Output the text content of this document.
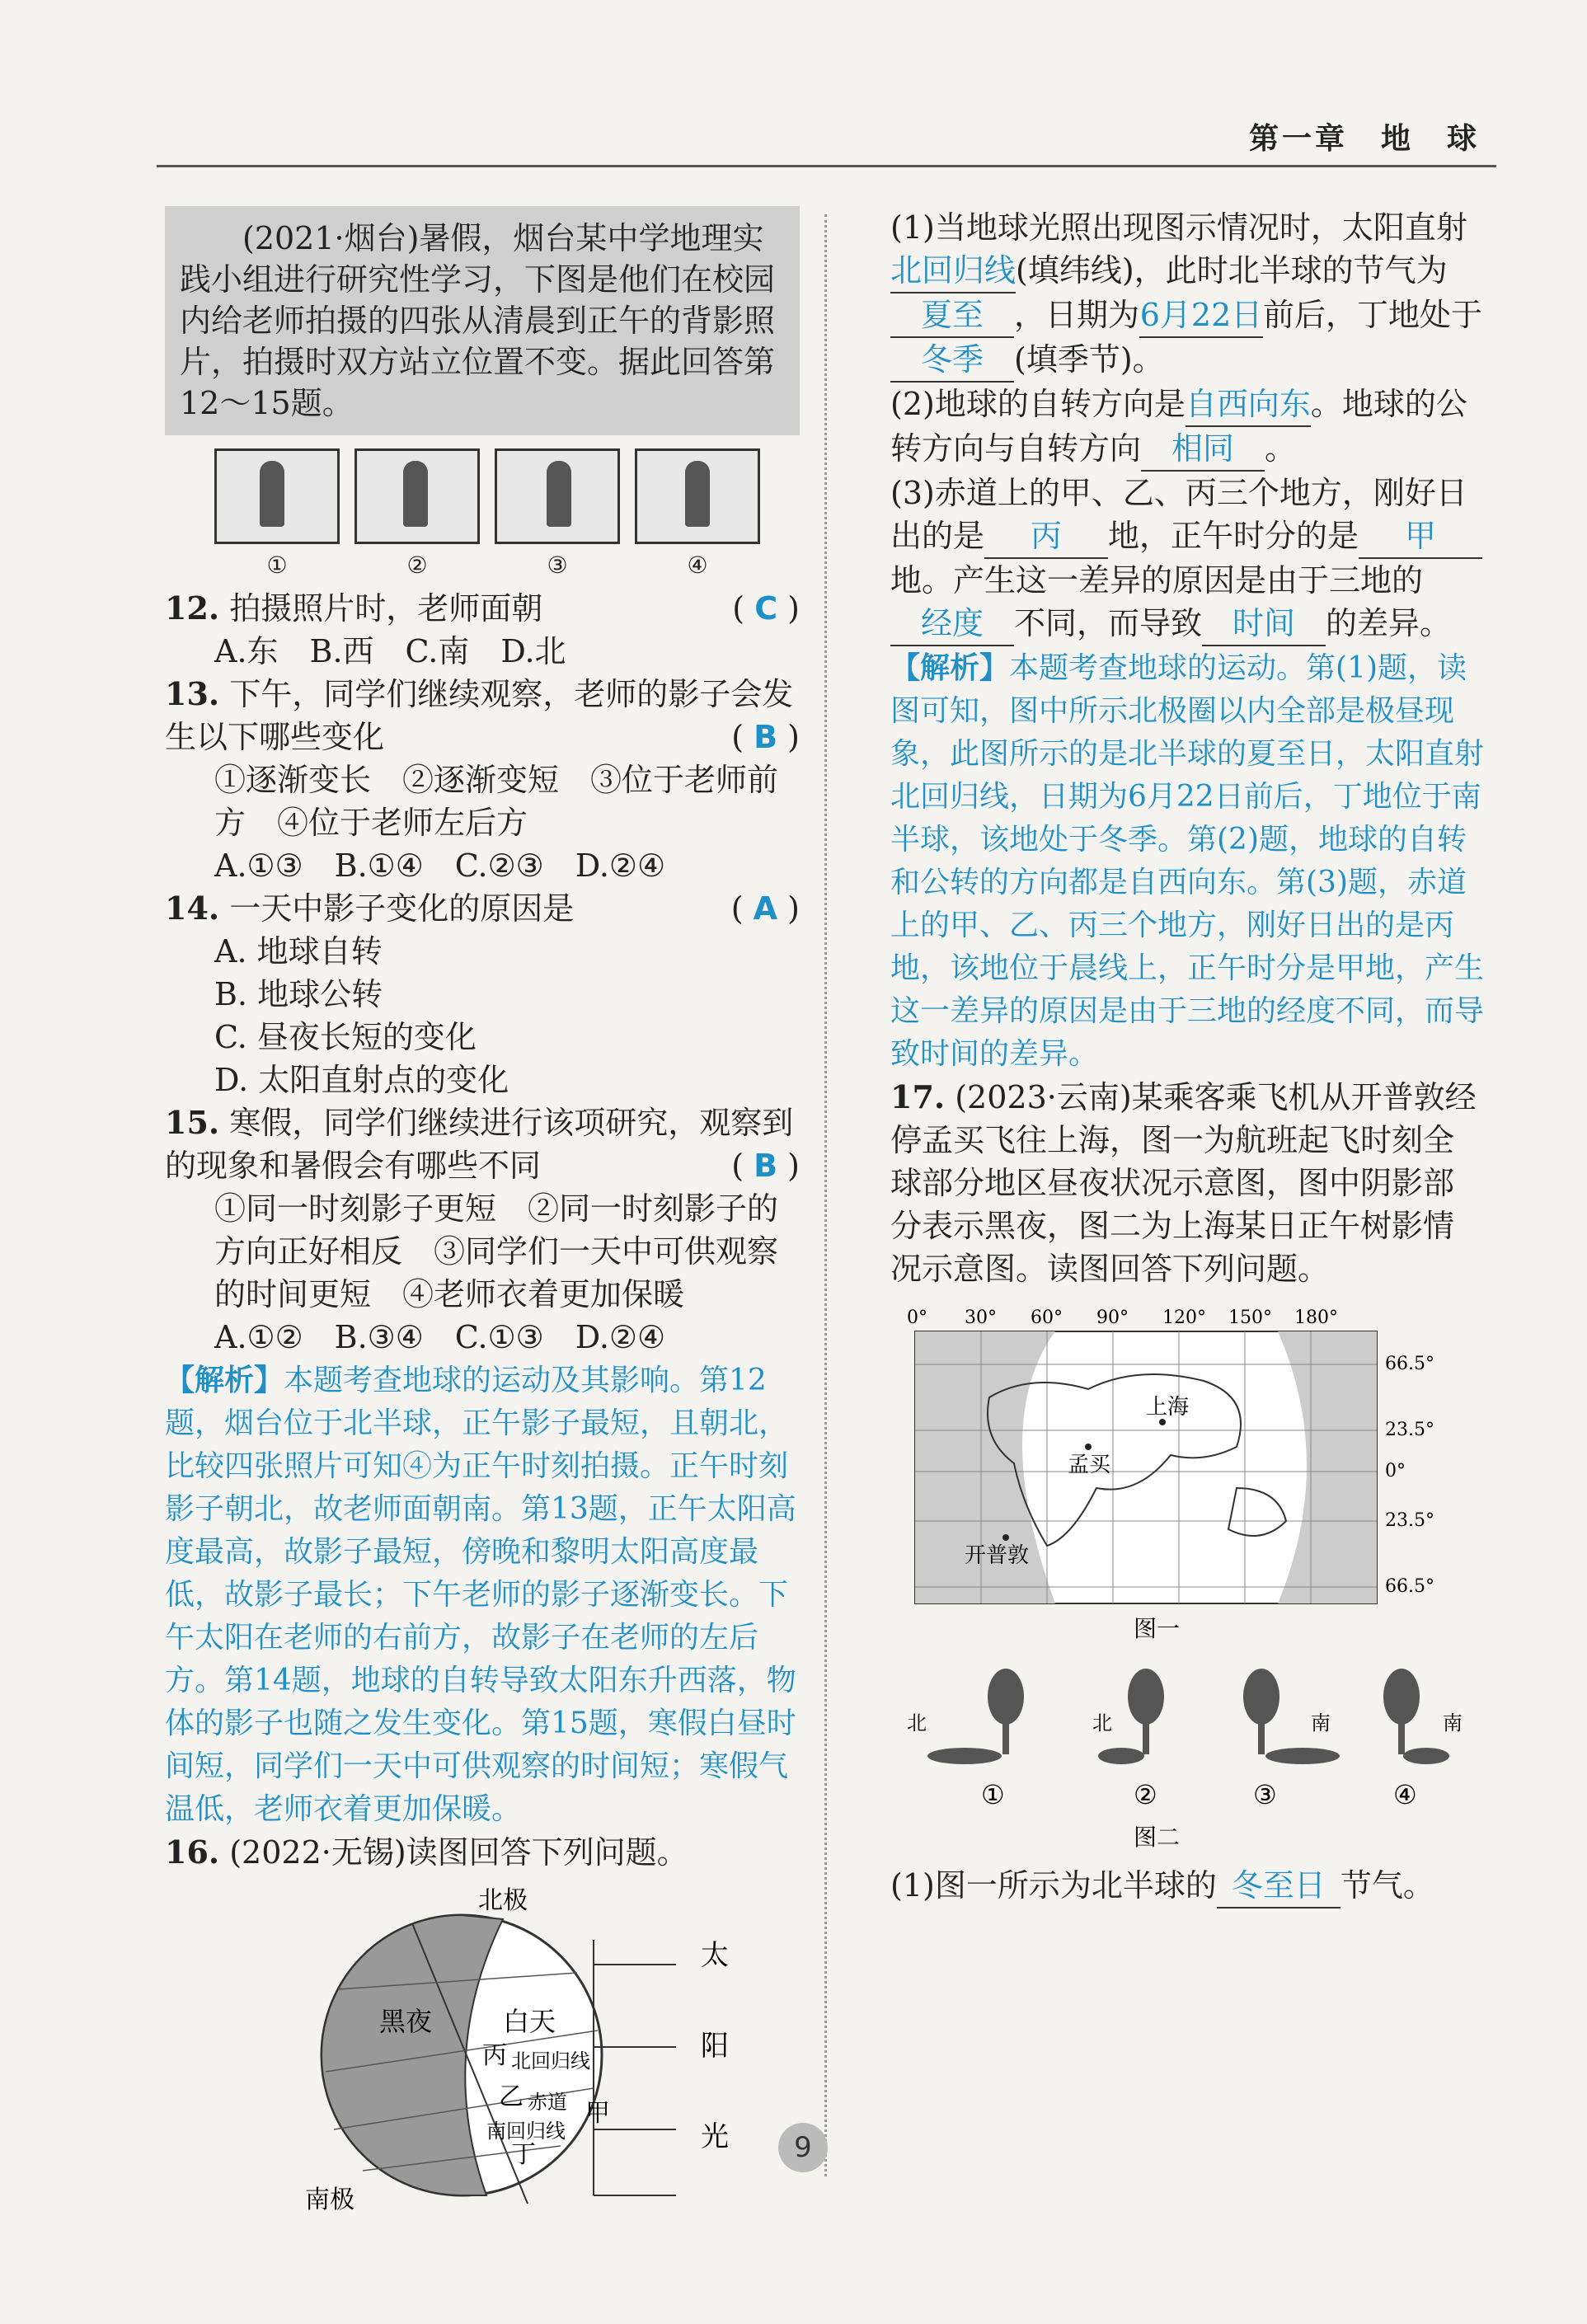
第一章　地　球
(2021·烟台)暑假，烟台某中学地理实践小组进行研究性学习，下图是他们在校园内给老师拍摄的四张从清晨到正午的背影照片，拍摄时双方站立位置不变。据此回答第12～15题。
①	②	③	④
( C )
12. 拍摄照片时，老师面朝
A.东　B.西　C.南　D.北
13. 下午，同学们继续观察，老师的影子会发生以下哪些变化	( B )
①逐渐变长　②逐渐变短　③位于老师前方　④位于老师左后方
A.①③　B.①④　C.②③　D.②④
( A )
14. 一天中影子变化的原因是
A. 地球自转
B. 地球公转
C. 昼夜长短的变化
D. 太阳直射点的变化
15. 寒假，同学们继续进行该项研究，观察到的现象和暑假会有哪些不同	( B )
①同一时刻影子更短　②同一时刻影子的方向正好相反　③同学们一天中可供观察的时间更短　④老师衣着更加保暖
A.①②　B.③④　C.①③　D.②④
【解析】本题考查地球的运动及其影响。第12题，烟台位于北半球，正午影子最短，且朝北，比较四张照片可知④为正午时刻拍摄。正午时刻影子朝北，故老师面朝南。第13题，正午太阳高度最高，故影子最短，傍晚和黎明太阳高度最低，故影子最长；下午老师的影子逐渐变长。下午太阳在老师的右前方，故影子在老师的左后方。第14题，地球的自转导致太阳东升西落，物体的影子也随之发生变化。第15题，寒假白昼时间短，同学们一天中可供观察的时间短；寒假气温低，老师衣着更加保暖。
16. (2022·无锡)读图回答下列问题。
北极
南极
黑夜	白天
北回归线
赤道
南回归线
甲
乙
丙
丁
太
阳
光
(1)当地球光照出现图示情况时，太阳直射北回归线(填纬线)，此时北半球的节气为夏至 ，日期为6月22日前后，丁地处于冬季 (填季节)。
(2)地球的自转方向是自西向东。地球的公转方向与自转方向 相同 。
(3)赤道上的甲、乙、丙三个地方，刚好日出的是 丙 地，正午时分的是 甲地。产生这一差异的原因是由于三地的经度 不同，而导致 时间 的差异。
【解析】本题考查地球的运动。第(1)题，读图可知，图中所示北极圈以内全部是极昼现象，此图所示的是北半球的夏至日，太阳直射北回归线，日期为6月22日前后，丁地位于南半球，该地处于冬季。第(2)题，地球的自转和公转的方向都是自西向东。第(3)题，赤道上的甲、乙、丙三个地方，刚好日出的是丙地，该地位于晨线上，正午时分是甲地，产生这一差异的原因是由于三地的经度不同，而导致时间的差异。
17. (2023·云南)某乘客乘飞机从开普敦经停孟买飞往上海，图一为航班起飞时刻全球部分地区昼夜状况示意图，图中阴影部分表示黑夜，图二为上海某日正午树影情况示意图。读图回答下列问题。
0° 30° 60° 90° 120° 150° 180°
66.5°
23.5°
0°
23.5°
66.5°
上海
孟买
开普敦
图一
北	北	南	南
①	②	③	④
图二
(1)图一所示为北半球的 冬至日 节气。
9
